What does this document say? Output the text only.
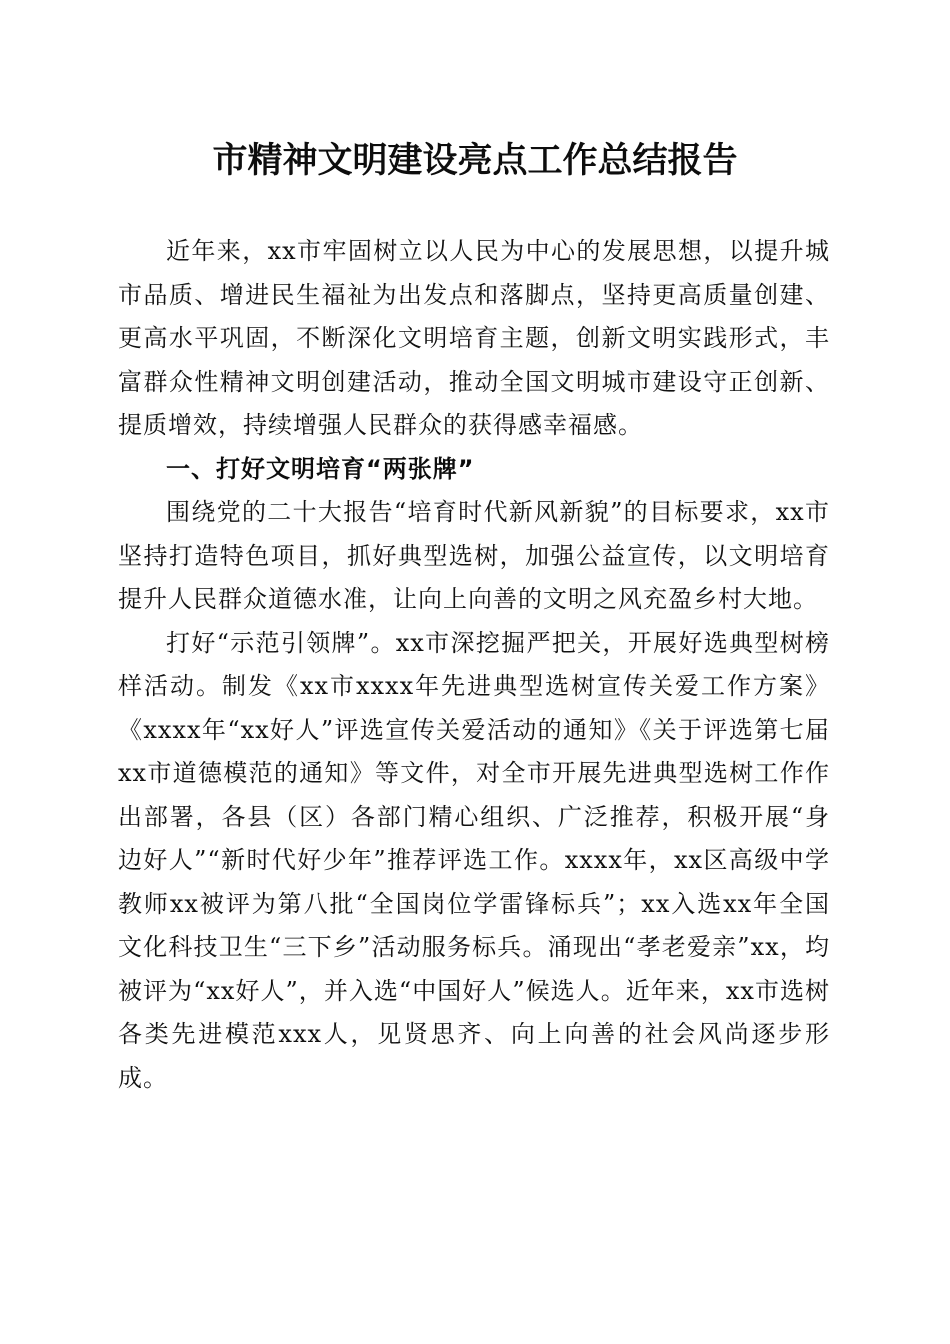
市精神文明建设亮点工作总结报告

近年来，xx市牢固树立以人民为中心的发展思想，以提升城市品质、增进民生福祉为出发点和落脚点，坚持更高质量创建、更高水平巩固，不断深化文明培育主题，创新文明实践形式，丰富群众性精神文明创建活动，推动全国文明城市建设守正创新、提质增效，持续增强人民群众的获得感幸福感。

一、打好文明培育“两张牌”

围绕党的二十大报告“培育时代新风新貌”的目标要求，xx市坚持打造特色项目，抓好典型选树，加强公益宣传，以文明培育提升人民群众道德水准，让向上向善的文明之风充盈乡村大地。

打好“示范引领牌”。xx市深挖掘严把关，开展好选典型树榜样活动。制发《xx市xxxx年先进典型选树宣传关爱工作方案》《xxxx年“xx好人”评选宣传关爱活动的通知》《关于评选第七届xx市道德模范的通知》等文件，对全市开展先进典型选树工作作出部署，各县（区）各部门精心组织、广泛推荐，积极开展“身边好人”“新时代好少年”推荐评选工作。xxxx年，xx区高级中学教师xx被评为第八批“全国岗位学雷锋标兵”；xx入选xx年全国文化科技卫生“三下乡”活动服务标兵。涌现出“孝老爱亲”xx，均被评为“xx好人”，并入选“中国好人”候选人。近年来，xx市选树各类先进模范xxx人，见贤思齐、向上向善的社会风尚逐步形成。
